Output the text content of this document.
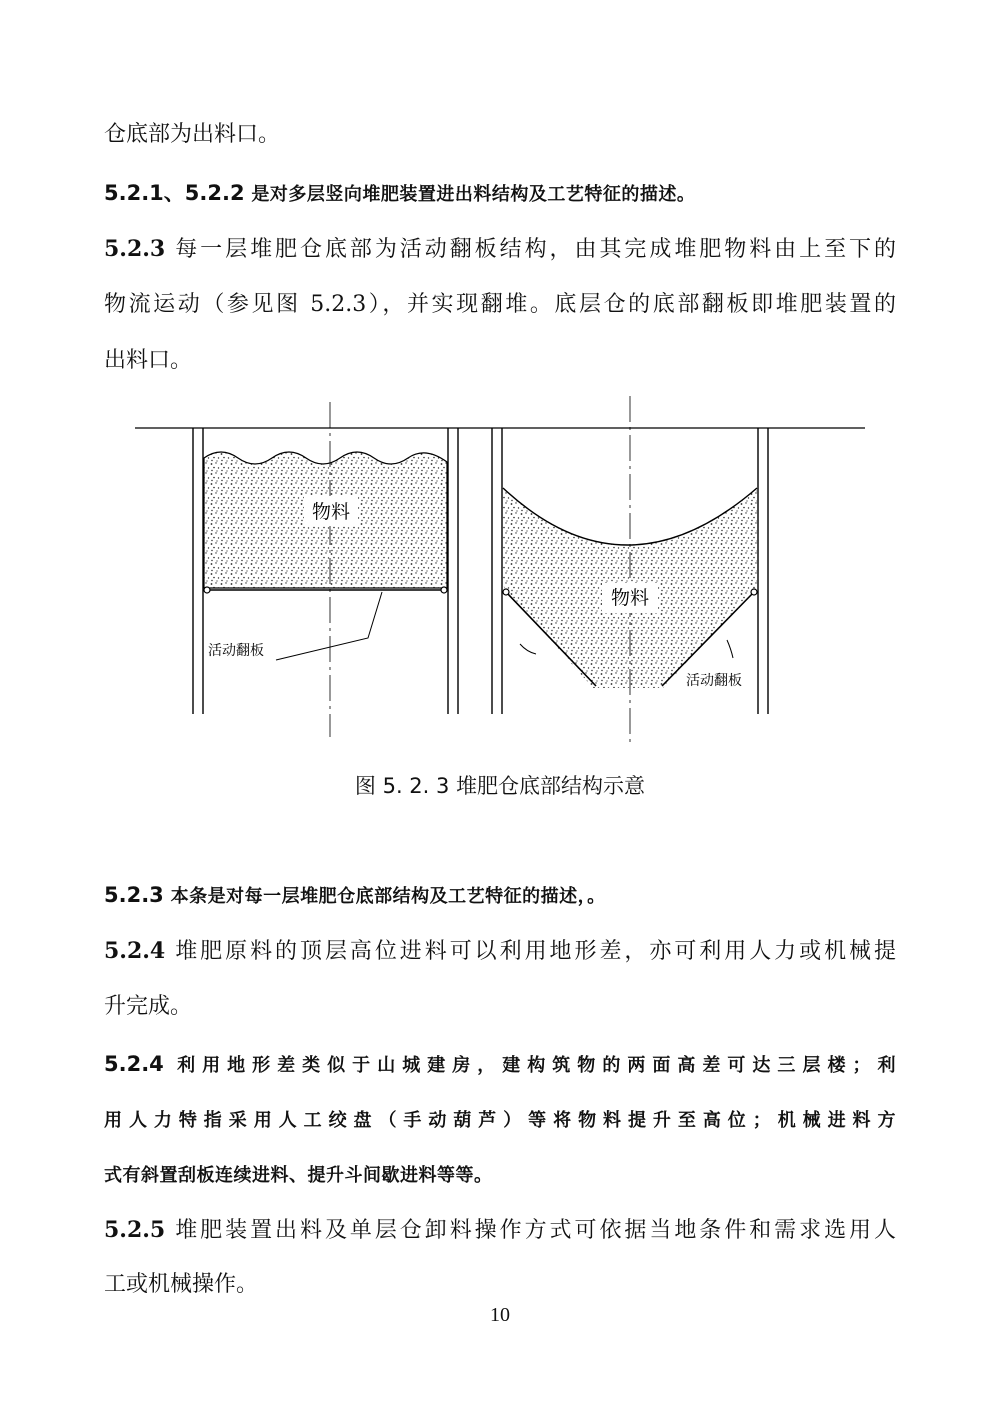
仓底部为出料口。
5.2.1、5.2.2 是对多层竖向堆肥装置进出料结构及工艺特征的描述。
5.2.3 每一层堆肥仓底部为活动翻板结构，由其完成堆肥物料由上至下的
物流运动（参见图 5.2.3），并实现翻堆。底层仓的底部翻板即堆肥装置的
出料口。
物料
活动翻板
物料
活动翻板
图 5. 2. 3 堆肥仓底部结构示意
5.2.3 本条是对每一层堆肥仓底部结构及工艺特征的描述，。
5.2.4 堆肥原料的顶层高位进料可以利用地形差，亦可利用人力或机械提
升完成。
5.2.4 利用地形差类似于山城建房，建构筑物的两面高差可达三层楼；利
用人力特指采用人工绞盘（手动葫芦）等将物料提升至高位；机械进料方
式有斜置刮板连续进料、提升斗间歇进料等等。
5.2.5 堆肥装置出料及单层仓卸料操作方式可依据当地条件和需求选用人
工或机械操作。
10
